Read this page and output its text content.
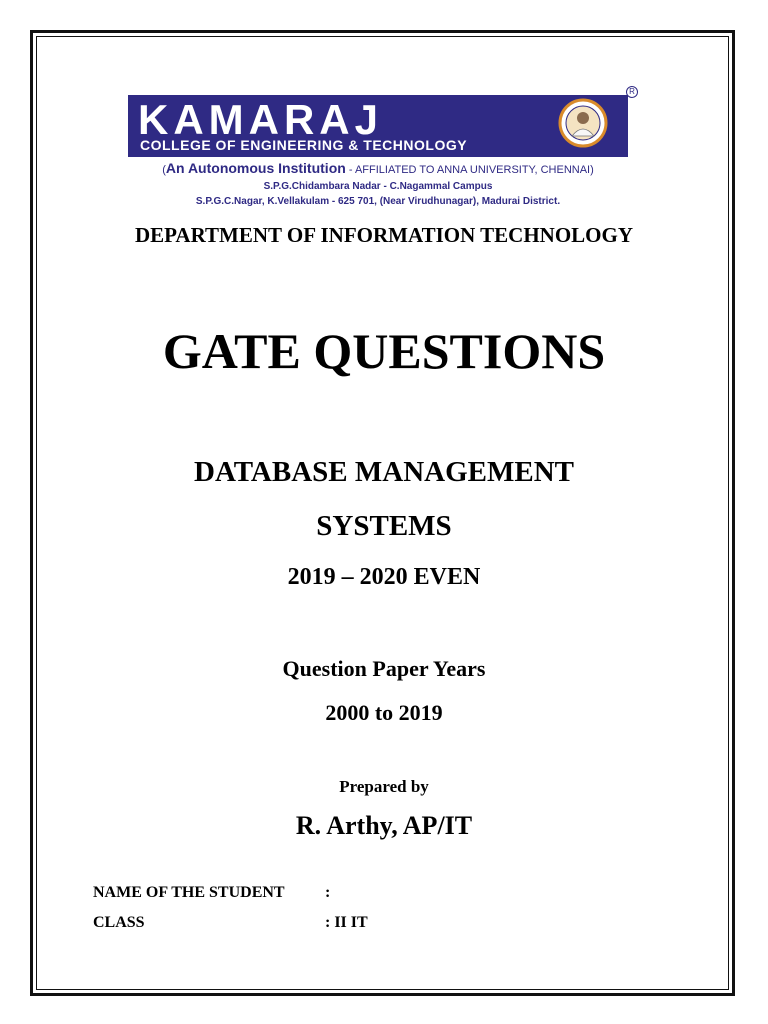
KAMARAJ
COLLEGE OF ENGINEERING & TECHNOLOGY
R
(An Autonomous Institution - AFFILIATED TO ANNA UNIVERSITY, CHENNAI)
S.P.G.Chidambara Nadar - C.Nagammal Campus
S.P.G.C.Nagar, K.Vellakulam - 625 701, (Near Virudhunagar), Madurai District.
DEPARTMENT OF INFORMATION TECHNOLOGY
GATE QUESTIONS
DATABASE MANAGEMENT
SYSTEMS
2019 – 2020 EVEN
Question Paper Years
2000 to 2019
Prepared by
R. Arthy, AP/IT
NAME OF THE STUDENT	:
CLASS	: II IT
